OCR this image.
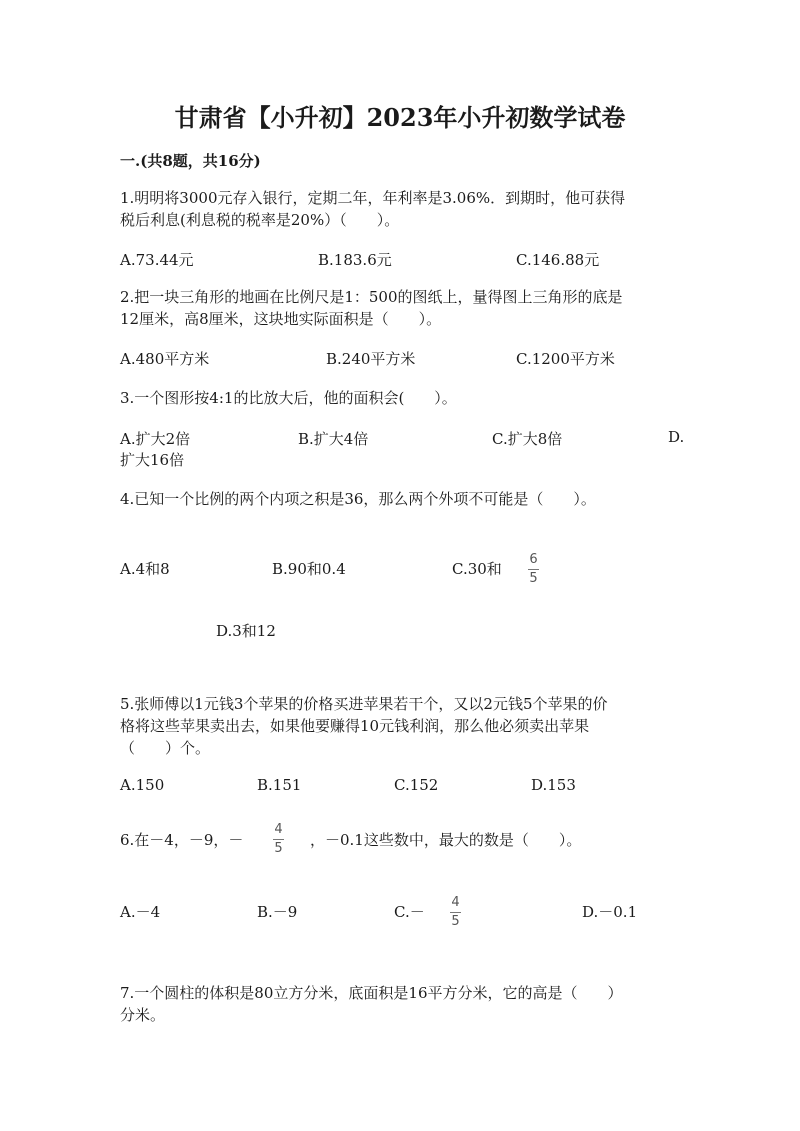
甘肃省【小升初】2023年小升初数学试卷
一.(共8题，共16分)
1.明明将3000元存入银行，定期二年，年利率是3.06%．到期时，他可获得
税后利息(利息税的税率是20%）（　　）。
A.73.44元	B.183.6元	C.146.88元
2.把一块三角形的地画在比例尺是1：500的图纸上，量得图上三角形的底是
12厘米，高8厘米，这块地实际面积是（　　）。
A.480平方米	B.240平方米	C.1200平方米
3.一个图形按4:1的比放大后，他的面积会(　　）。
A.扩大2倍	B.扩大4倍	C.扩大8倍	D.
扩大16倍
4.已知一个比例的两个内项之积是36，那么两个外项不可能是（　　）。
A.4和8	B.90和0.4	C.30和
6
5
D.3和12
5.张师傅以1元钱3个苹果的价格买进苹果若干个，又以2元钱5个苹果的价
格将这些苹果卖出去，如果他要赚得10元钱利润，那么他必须卖出苹果
（　　）个。
A.150	B.151	C.152	D.153
6.在－4，－9，－
4
5 ，－0.1这些数中，最大的数是（　　）。
A.－4	B.－9	C.－
4
5
D.－0.1
7.一个圆柱的体积是80立方分米，底面积是16平方分米，它的高是（　　）
分米。
